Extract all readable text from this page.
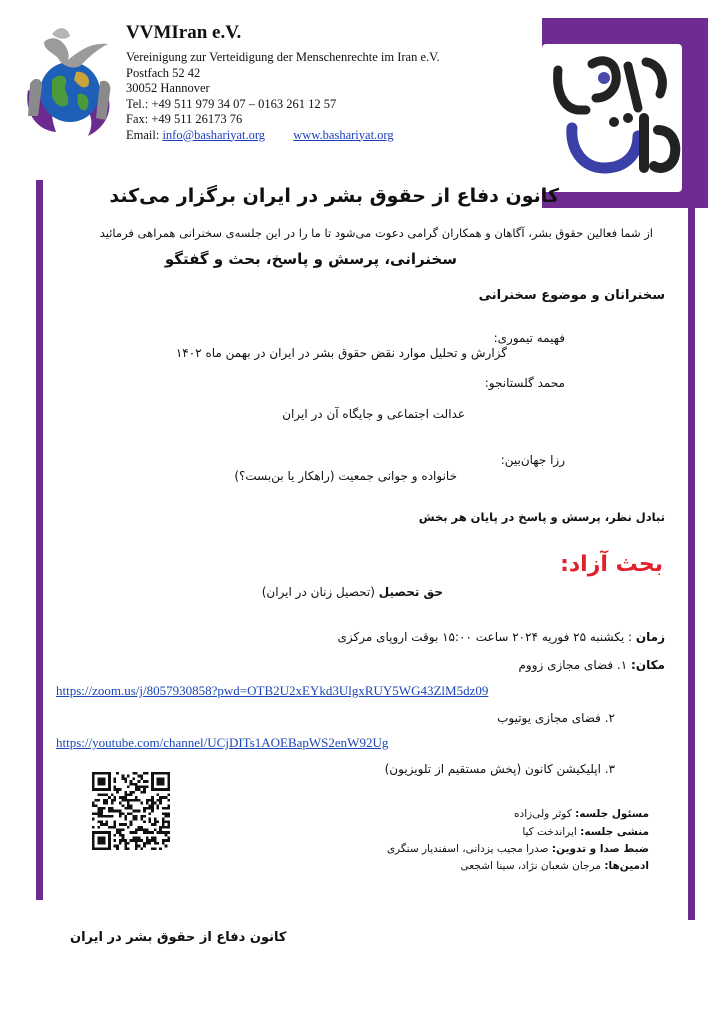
VVMIran e.V.
Vereinigung zur Verteidigung der Menschenrechte im Iran e.V.
Postfach 52 42
30052 Hannover
Tel.: +49 511 979 34 07 – 0163 261 12 57
Fax: +49 511 26173 76
Email: info@bashariyat.org www.bashariyat.org
کانون دفاع از حقوق بشر در ایران برگزار می‌کند
از شما فعالین حقوق بشر، آگاهان و همکاران گرامی دعوت می‌شود تا ما را در این جلسه‌ی سخنرانی همراهی فرمائید
سخنرانی، پرسش و پاسخ، بحث و گفتگو
سخنرانان و موضوع سخنرانی
فهیمه تیموری:
گزارش و تحلیل موارد نقض حقوق بشر در ایران در بهمن ماه ۱۴۰۲
محمد گلستانجو:
عدالت اجتماعی و جایگاه آن در ایران
رزا جهان‌بین:
خانواده و جوانی جمعیت (راهکار یا بن‌بست؟)
تبادل نظر، پرسش و پاسخ در پایان هر بخش
بحث آزاد:
حق تحصیل (تحصیل زنان در ایران)
زمان : یکشنبه ۲۵ فوریه ۲۰۲۴ ساعت ۱۵:۰۰ بوقت اروپای مرکزی
مکان: ۱. فضای مجازی زووم
https://zoom.us/j/8057930858?pwd=OTB2U2xEYkd3UlgxRUY5WG43ZlM5dz09
۲. فضای مجازی یوتیوب
https://youtube.com/channel/UCjDITs1AOEBapWS2enW92Ug
۳. اپلیکیشن کانون (پخش مستقیم از تلویزیون)
مسئول جلسه: کوثر ولی‌زاده
منشی جلسه: ایراندخت کیا
ضبط صدا و تدوین: صدرا مجیب یزدانی، اسفندیار سنگری
ادمین‌ها: مرجان شعبان نژاد، سینا اشجعی
کانون دفاع از حقوق بشر در ایران
